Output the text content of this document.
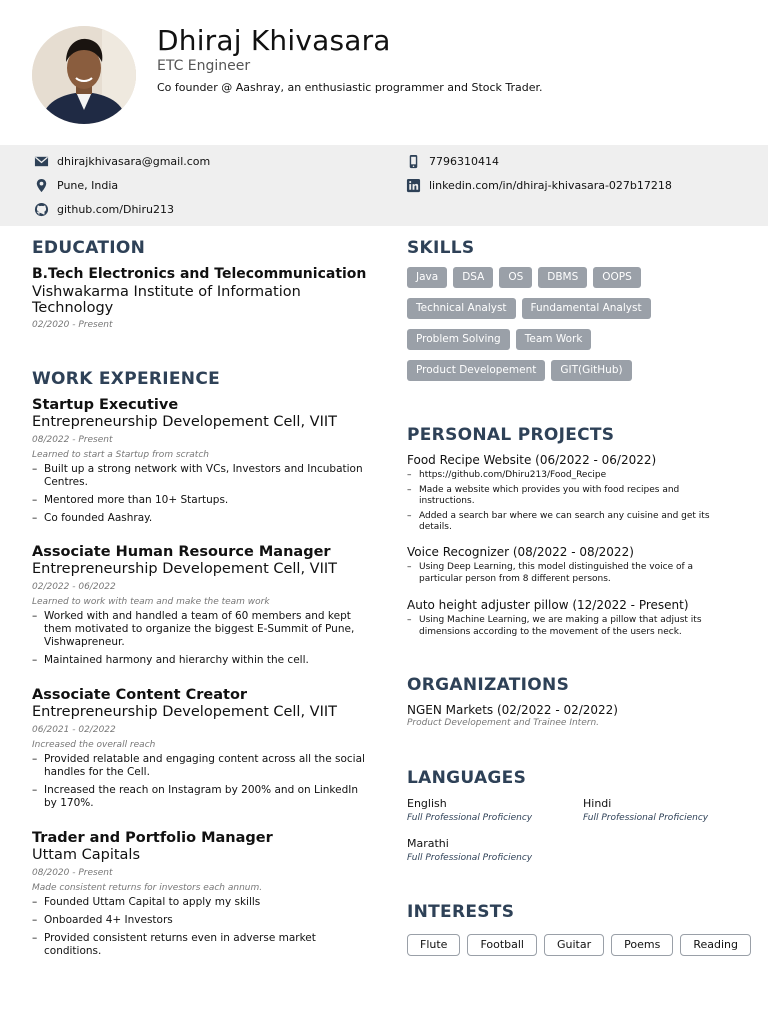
Dhiraj Khivasara
ETC Engineer
Co founder @ Aashray, an enthusiastic programmer and Stock Trader.
dhirajkhivasara@gmail.com	7796310414
Pune, India	linkedin.com/in/dhiraj-khivasara-027b17218
github.com/Dhiru213
EDUCATION
B.Tech Electronics and Telecommunication
Vishwakarma Institute of Information
Technology
02/2020 - Present
WORK EXPERIENCE
Startup Executive
Entrepreneurship Developement Cell, VIIT
08/2022 - Present
Learned to start a Startup from scratch
– Built up a strong network with VCs, Investors and Incubation Centres.
– Mentored more than 10+ Startups.
– Co founded Aashray.
Associate Human Resource Manager
Entrepreneurship Developement Cell, VIIT
02/2022 - 06/2022
Learned to work with team and make the team work
– Worked with and handled a team of 60 members and kept them motivated to organize the biggest E-Summit of Pune, Vishwapreneur.
– Maintained harmony and hierarchy within the cell.
Associate Content Creator
Entrepreneurship Developement Cell, VIIT
06/2021 - 02/2022
Increased the overall reach
– Provided relatable and engaging content across all the social handles for the Cell.
– Increased the reach on Instagram by 200% and on LinkedIn by 170%.
Trader and Portfolio Manager
Uttam Capitals
08/2020 - Present
Made consistent returns for investors each annum.
– Founded Uttam Capital to apply my skills
– Onboarded 4+ Investors
– Provided consistent returns even in adverse market conditions.
SKILLS
Java	DSA	OS	DBMS	OOPS
Technical Analyst	Fundamental Analyst
Problem Solving	Team Work
Product Developement	GIT(GitHub)
PERSONAL PROJECTS
Food Recipe Website (06/2022 - 06/2022)
– https://github.com/Dhiru213/Food_Recipe
– Made a website which provides you with food recipes and instructions.
– Added a search bar where we can search any cuisine and get its details.
Voice Recognizer (08/2022 - 08/2022)
– Using Deep Learning, this model distinguished the voice of a particular person from 8 different persons.
Auto height adjuster pillow (12/2022 - Present)
– Using Machine Learning, we are making a pillow that adjust its dimensions according to the movement of the users neck.
ORGANIZATIONS
NGEN Markets (02/2022 - 02/2022)
Product Developement and Trainee Intern.
LANGUAGES
English
Full Professional Proficiency
Hindi
Full Professional Proficiency
Marathi
Full Professional Proficiency
INTERESTS
Flute	Football	Guitar	Poems	Reading
